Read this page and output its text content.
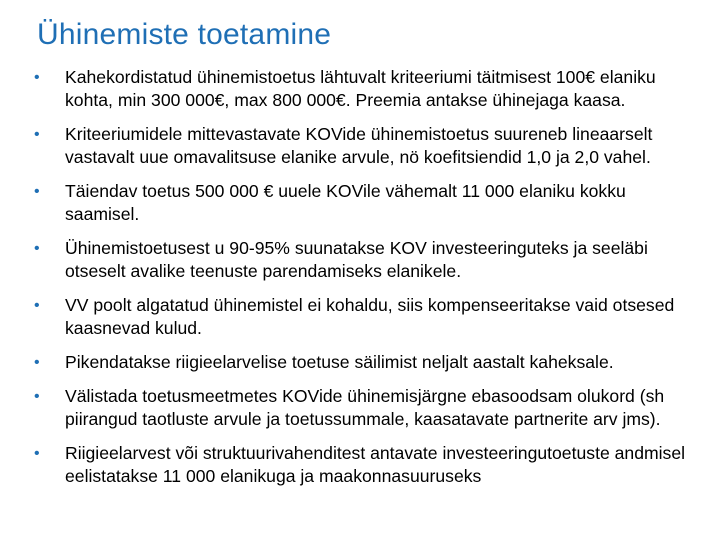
Ühinemiste toetamine
• Kahekordistatud ühinemistoetus lähtuvalt kriteeriumi täitmisest 100€ elaniku kohta, min 300 000€, max 800 000€. Preemia antakse ühinejaga kaasa.
• Kriteeriumidele mittevastavate KOVide ühinemistoetus suureneb lineaarselt vastavalt uue omavalitsuse elanike arvule, nö koefitsiendid 1,0 ja 2,0 vahel.
• Täiendav toetus 500 000 € uuele KOVile vähemalt 11 000 elaniku kokku saamisel.
• Ühinemistoetusest u 90-95% suunatakse KOV investeeringuteks ja seeläbi otseselt avalike teenuste parendamiseks elanikele.
• VV poolt algatatud ühinemistel ei kohaldu, siis kompenseeritakse vaid otsesed kaasnevad kulud.
• Pikendatakse riigieelarvelise toetuse säilimist neljalt aastalt kaheksale.
• Välistada toetusmeetmetes KOVide ühinemisjärgne ebasoodsam olukord (sh piirangud taotluste arvule ja toetussummale, kaasatavate partnerite arv jms).
• Riigieelarvest või struktuurivahenditest antavate investeeringutoetuste andmisel eelistatakse 11 000 elanikuga ja maakonnasuuruseks
